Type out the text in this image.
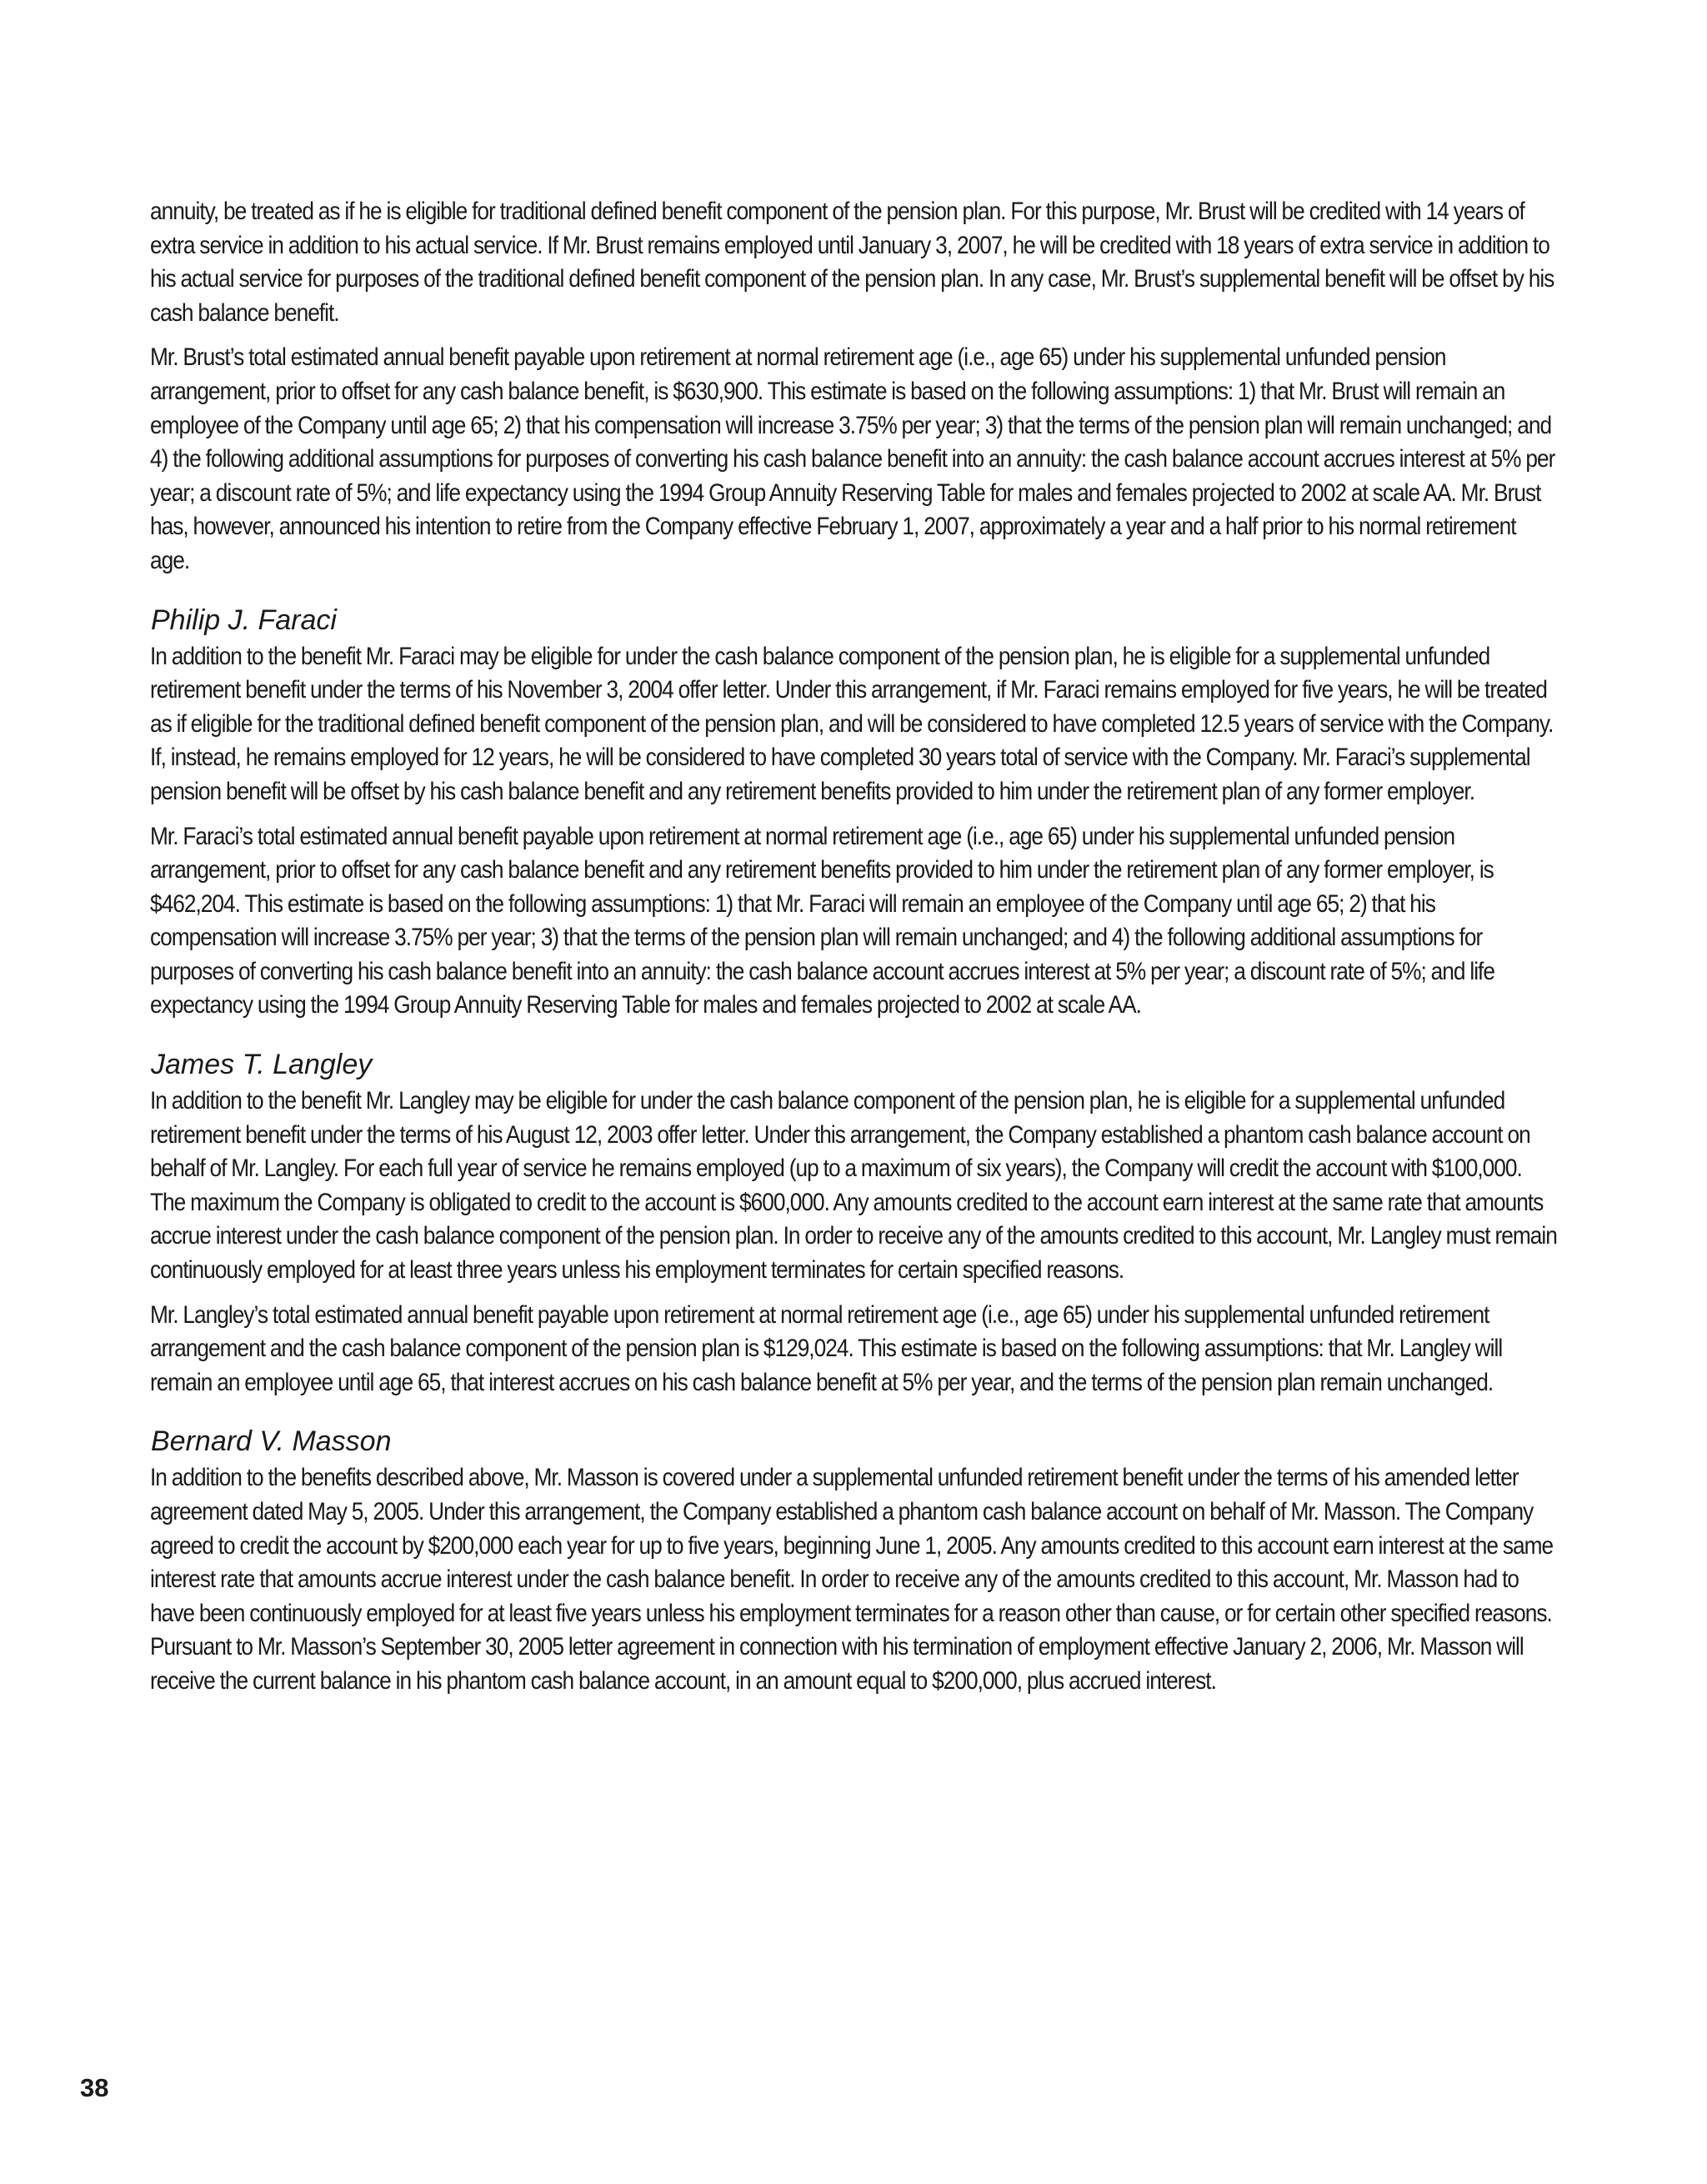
annuity, be treated as if he is eligible for traditional defined benefit component of the pension plan. For this purpose, Mr. Brust will be credited with 14 years of extra service in addition to his actual service. If Mr. Brust remains employed until January 3, 2007, he will be credited with 18 years of extra service in addition to his actual service for purposes of the traditional defined benefit component of the pension plan. In any case, Mr. Brust’s supplemental benefit will be offset by his cash balance benefit.

Mr. Brust’s total estimated annual benefit payable upon retirement at normal retirement age (i.e., age 65) under his supplemental unfunded pension arrangement, prior to offset for any cash balance benefit, is $630,900. This estimate is based on the following assumptions: 1) that Mr. Brust will remain an employee of the Company until age 65; 2) that his compensation will increase 3.75% per year; 3) that the terms of the pension plan will remain unchanged; and 4) the following additional assumptions for purposes of converting his cash balance benefit into an annuity: the cash balance account accrues interest at 5% per year; a discount rate of 5%; and life expectancy using the 1994 Group Annuity Reserving Table for males and females projected to 2002 at scale AA. Mr. Brust has, however, announced his intention to retire from the Company effective February 1, 2007, approximately a year and a half prior to his normal retirement age.

Philip J. Faraci

In addition to the benefit Mr. Faraci may be eligible for under the cash balance component of the pension plan, he is eligible for a supplemental unfunded retirement benefit under the terms of his November 3, 2004 offer letter. Under this arrangement, if Mr. Faraci remains employed for five years, he will be treated as if eligible for the traditional defined benefit component of the pension plan, and will be considered to have completed 12.5 years of service with the Company. If, instead, he remains employed for 12 years, he will be considered to have completed 30 years total of service with the Company. Mr. Faraci’s supplemental pension benefit will be offset by his cash balance benefit and any retirement benefits provided to him under the retirement plan of any former employer.

Mr. Faraci’s total estimated annual benefit payable upon retirement at normal retirement age (i.e., age 65) under his supplemental unfunded pension arrangement, prior to offset for any cash balance benefit and any retirement benefits provided to him under the retirement plan of any former employer, is $462,204. This estimate is based on the following assumptions: 1) that Mr. Faraci will remain an employee of the Company until age 65; 2) that his compensation will increase 3.75% per year; 3) that the terms of the pension plan will remain unchanged; and 4) the following additional assumptions for purposes of converting his cash balance benefit into an annuity: the cash balance account accrues interest at 5% per year; a discount rate of 5%; and life expectancy using the 1994 Group Annuity Reserving Table for males and females projected to 2002 at scale AA.

James T. Langley

In addition to the benefit Mr. Langley may be eligible for under the cash balance component of the pension plan, he is eligible for a supplemental unfunded retirement benefit under the terms of his August 12, 2003 offer letter. Under this arrangement, the Company established a phantom cash balance account on behalf of Mr. Langley. For each full year of service he remains employed (up to a maximum of six years), the Company will credit the account with $100,000. The maximum the Company is obligated to credit to the account is $600,000. Any amounts credited to the account earn interest at the same rate that amounts accrue interest under the cash balance component of the pension plan. In order to receive any of the amounts credited to this account, Mr. Langley must remain continuously employed for at least three years unless his employment terminates for certain specified reasons.

Mr. Langley’s total estimated annual benefit payable upon retirement at normal retirement age (i.e., age 65) under his supplemental unfunded retirement arrangement and the cash balance component of the pension plan is $129,024. This estimate is based on the following assumptions: that Mr. Langley will remain an employee until age 65, that interest accrues on his cash balance benefit at 5% per year, and the terms of the pension plan remain unchanged.

Bernard V. Masson

In addition to the benefits described above, Mr. Masson is covered under a supplemental unfunded retirement benefit under the terms of his amended letter agreement dated May 5, 2005. Under this arrangement, the Company established a phantom cash balance account on behalf of Mr. Masson. The Company agreed to credit the account by $200,000 each year for up to five years, beginning June 1, 2005. Any amounts credited to this account earn interest at the same interest rate that amounts accrue interest under the cash balance benefit. In order to receive any of the amounts credited to this account, Mr. Masson had to have been continuously employed for at least five years unless his employment terminates for a reason other than cause, or for certain other specified reasons. Pursuant to Mr. Masson’s September 30, 2005 letter agreement in connection with his termination of employment effective January 2, 2006, Mr. Masson will receive the current balance in his phantom cash balance account, in an amount equal to $200,000, plus accrued interest.

38
